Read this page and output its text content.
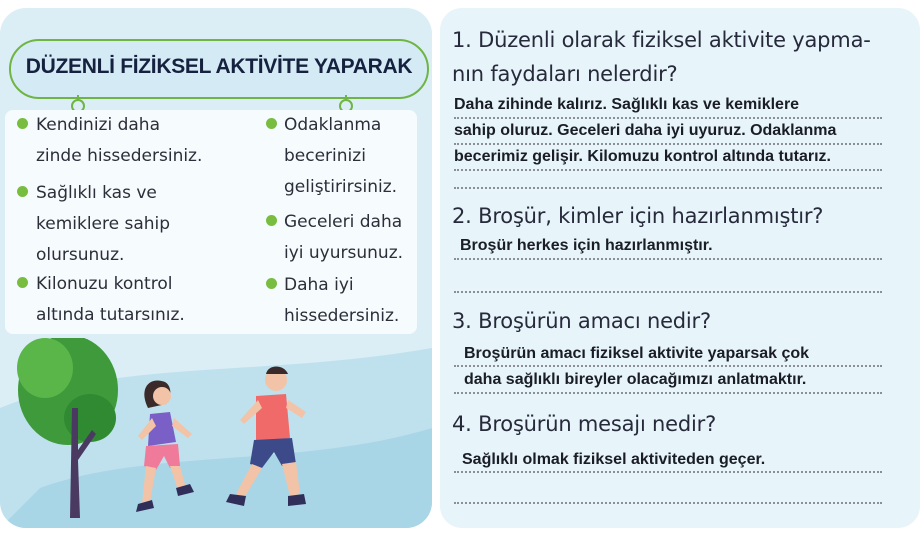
DÜZENLİ FİZİKSEL AKTİVİTE YAPARAK
Kendinizi daha
zinde hissedersiniz.
Sağlıklı kas ve
kemiklere sahip
olursunuz.
Kilonuzu kontrol
altında tutarsınız.
Odaklanma
becerinizi
geliştirirsiniz.
Geceleri daha
iyi uyursunuz.
Daha iyi
hissedersiniz.
1. Düzenli olarak fiziksel aktivite yapma-
nın faydaları nelerdir?
Daha zihinde kalırız. Sağlıklı kas ve kemiklere
sahip oluruz. Geceleri daha iyi uyuruz. Odaklanma
becerimiz gelişir. Kilomuzu kontrol altında tutarız.
2. Broşür, kimler için hazırlanmıştır?
Broşür herkes için hazırlanmıştır.
3. Broşürün amacı nedir?
Broşürün amacı fiziksel aktivite yaparsak çok
daha sağlıklı bireyler olacağımızı anlatmaktır.
4. Broşürün mesajı nedir?
Sağlıklı olmak fiziksel aktiviteden geçer.
